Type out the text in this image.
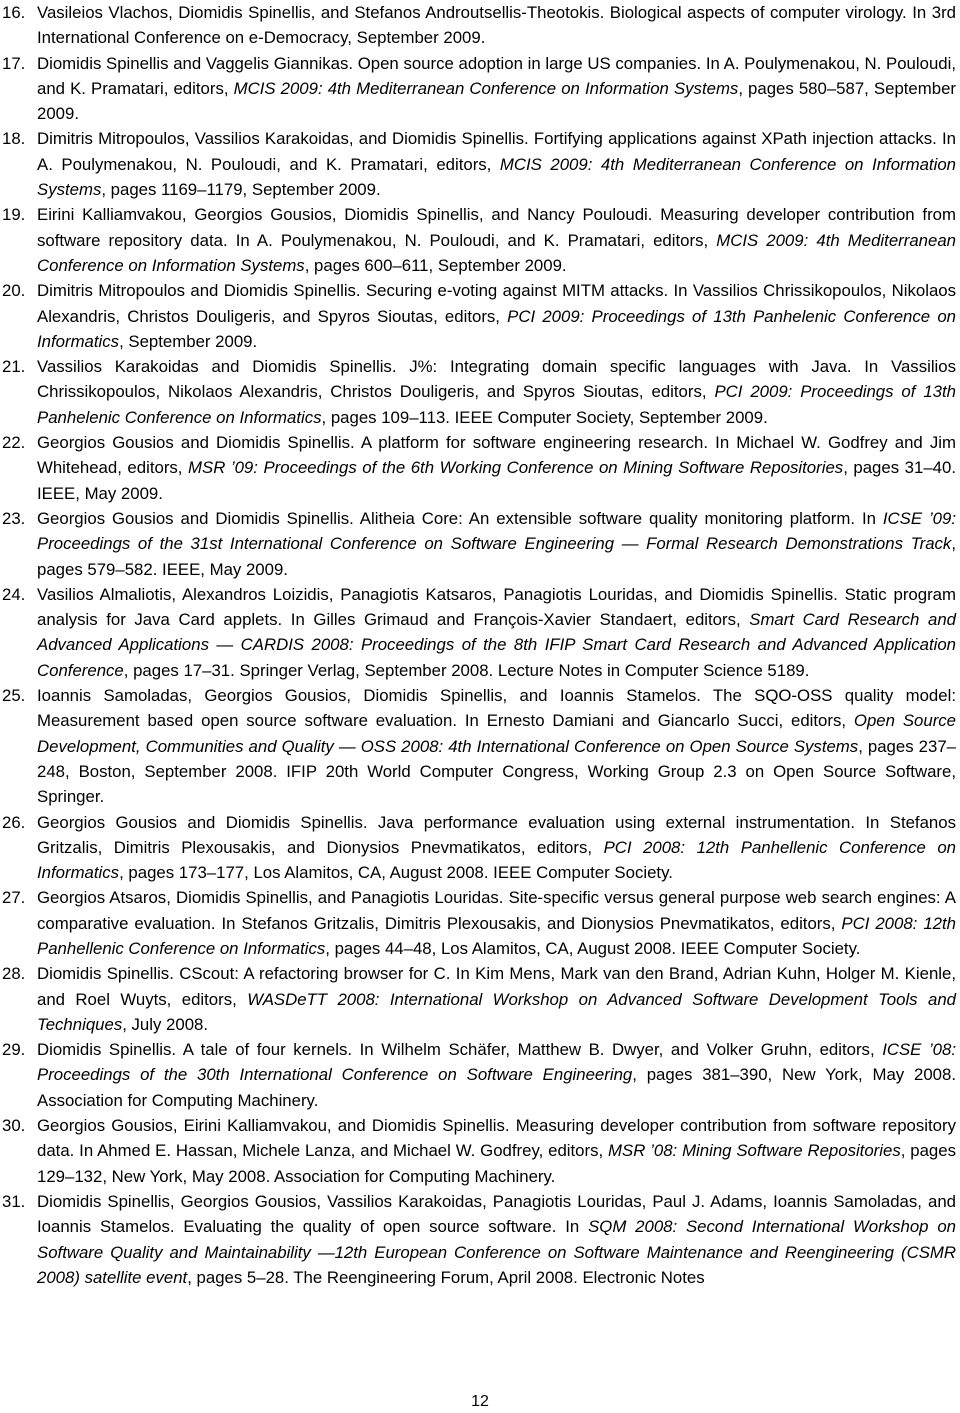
16. Vasileios Vlachos, Diomidis Spinellis, and Stefanos Androutsellis-Theotokis. Biological aspects of computer virology. In 3rd International Conference on e-Democracy, September 2009.
17. Diomidis Spinellis and Vaggelis Giannikas. Open source adoption in large US companies. In A. Poulymenakou, N. Pouloudi, and K. Pramatari, editors, MCIS 2009: 4th Mediterranean Conference on Information Systems, pages 580–587, September 2009.
18. Dimitris Mitropoulos, Vassilios Karakoidas, and Diomidis Spinellis. Fortifying applications against XPath injection attacks. In A. Poulymenakou, N. Pouloudi, and K. Pramatari, editors, MCIS 2009: 4th Mediterranean Conference on Information Systems, pages 1169–1179, September 2009.
19. Eirini Kalliamvakou, Georgios Gousios, Diomidis Spinellis, and Nancy Pouloudi. Measuring developer contribution from software repository data. In A. Poulymenakou, N. Pouloudi, and K. Pramatari, editors, MCIS 2009: 4th Mediterranean Conference on Information Systems, pages 600–611, September 2009.
20. Dimitris Mitropoulos and Diomidis Spinellis. Securing e-voting against MITM attacks. In Vassilios Chrissikopoulos, Nikolaos Alexandris, Christos Douligeris, and Spyros Sioutas, editors, PCI 2009: Proceedings of 13th Panhelenic Conference on Informatics, September 2009.
21. Vassilios Karakoidas and Diomidis Spinellis. J%: Integrating domain specific languages with Java. In Vassilios Chrissikopoulos, Nikolaos Alexandris, Christos Douligeris, and Spyros Sioutas, editors, PCI 2009: Proceedings of 13th Panhelenic Conference on Informatics, pages 109–113. IEEE Computer Society, September 2009.
22. Georgios Gousios and Diomidis Spinellis. A platform for software engineering research. In Michael W. Godfrey and Jim Whitehead, editors, MSR ’09: Proceedings of the 6th Working Conference on Mining Software Repositories, pages 31–40. IEEE, May 2009.
23. Georgios Gousios and Diomidis Spinellis. Alitheia Core: An extensible software quality monitoring platform. In ICSE ’09: Proceedings of the 31st International Conference on Software Engineering — Formal Research Demonstrations Track, pages 579–582. IEEE, May 2009.
24. Vasilios Almaliotis, Alexandros Loizidis, Panagiotis Katsaros, Panagiotis Louridas, and Diomidis Spinellis. Static program analysis for Java Card applets. In Gilles Grimaud and François-Xavier Standaert, editors, Smart Card Research and Advanced Applications — CARDIS 2008: Proceedings of the 8th IFIP Smart Card Research and Advanced Application Conference, pages 17–31. Springer Verlag, September 2008. Lecture Notes in Computer Science 5189.
25. Ioannis Samoladas, Georgios Gousios, Diomidis Spinellis, and Ioannis Stamelos. The SQO-OSS quality model: Measurement based open source software evaluation. In Ernesto Damiani and Giancarlo Succi, editors, Open Source Development, Communities and Quality — OSS 2008: 4th International Conference on Open Source Systems, pages 237–248, Boston, September 2008. IFIP 20th World Computer Congress, Working Group 2.3 on Open Source Software, Springer.
26. Georgios Gousios and Diomidis Spinellis. Java performance evaluation using external instrumentation. In Stefanos Gritzalis, Dimitris Plexousakis, and Dionysios Pnevmatikatos, editors, PCI 2008: 12th Panhellenic Conference on Informatics, pages 173–177, Los Alamitos, CA, August 2008. IEEE Computer Society.
27. Georgios Atsaros, Diomidis Spinellis, and Panagiotis Louridas. Site-specific versus general purpose web search engines: A comparative evaluation. In Stefanos Gritzalis, Dimitris Plexousakis, and Dionysios Pnevmatikatos, editors, PCI 2008: 12th Panhellenic Conference on Informatics, pages 44–48, Los Alamitos, CA, August 2008. IEEE Computer Society.
28. Diomidis Spinellis. CScout: A refactoring browser for C. In Kim Mens, Mark van den Brand, Adrian Kuhn, Holger M. Kienle, and Roel Wuyts, editors, WASDeTT 2008: International Workshop on Advanced Software Development Tools and Techniques, July 2008.
29. Diomidis Spinellis. A tale of four kernels. In Wilhelm Schäfer, Matthew B. Dwyer, and Volker Gruhn, editors, ICSE ’08: Proceedings of the 30th International Conference on Software Engineering, pages 381–390, New York, May 2008. Association for Computing Machinery.
30. Georgios Gousios, Eirini Kalliamvakou, and Diomidis Spinellis. Measuring developer contribution from software repository data. In Ahmed E. Hassan, Michele Lanza, and Michael W. Godfrey, editors, MSR ’08: Mining Software Repositories, pages 129–132, New York, May 2008. Association for Computing Machinery.
31. Diomidis Spinellis, Georgios Gousios, Vassilios Karakoidas, Panagiotis Louridas, Paul J. Adams, Ioannis Samoladas, and Ioannis Stamelos. Evaluating the quality of open source software. In SQM 2008: Second International Workshop on Software Quality and Maintainability —12th European Conference on Software Maintenance and Reengineering (CSMR 2008) satellite event, pages 5–28. The Reengineering Forum, April 2008. Electronic Notes
12
